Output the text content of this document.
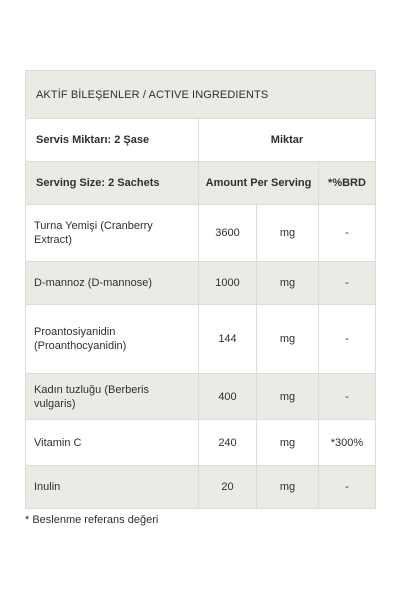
AKTİF BİLEŞENLER / ACTIVE INGREDIENTS			
Servis Miktarı: 2 Şase	Miktar		
Serving Size: 2 Sachets	Amount Per Serving		*%BRD
Turna Yemişi (Cranberry Extract)	3600	mg	-
D-mannoz (D-mannose)	1000	mg	-
Proantosiyanidin (Proanthocyanidin)	144	mg	-
Kadın tuzluğu (Berberis vulgaris)	400	mg	-
Vitamin C	240	mg	*300%
Inulin	20	mg	-
* Beslenme referans değeri
